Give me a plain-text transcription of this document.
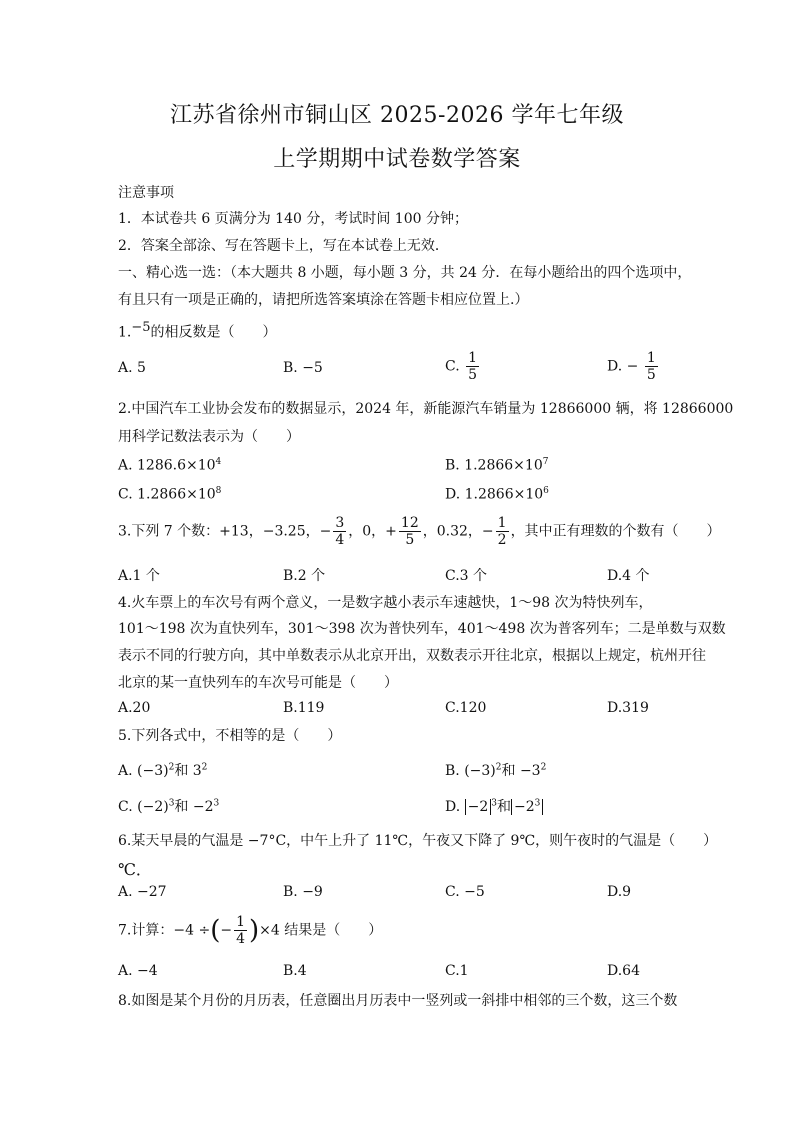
江苏省徐州市铜山区 2025-2026 学年七年级
上学期期中试卷数学答案
注意事项
1．本试卷共 6 页满分为 140 分，考试时间 100 分钟；
2．答案全部涂、写在答题卡上，写在本试卷上无效．
一、精心选一选：（本大题共 8 小题，每小题 3 分，共 24 分．在每小题给出的四个选项中，
有且只有一项是正确的，请把所选答案填涂在答题卡相应位置上.）
1.$^{-5}$的相反数是（　　）
A. 5	B. −5	C. $\frac{1}{5}$	D. − $\frac{1}{5}$
2.中国汽车工业协会发布的数据显示，2024 年，新能源汽车销量为 12866000 辆，将 12866000
用科学记数法表示为（　　）
A. $1286.6\times 10^4$	B. $1.2866\times 10^7$
C. $1.2866\times 10^8$	D. $1.2866\times 10^6$
3.下列 7 个数：+13，−3.25，− $\frac{3}{4}$ ，0，+ $\frac{12}{5}$ ，0.32，− $\frac{1}{2}$ ，其中正有理数的个数有（　　）
A.1 个	B.2 个	C.3 个	D.4 个
4.火车票上的车次号有两个意义，一是数字越小表示车速越快，1～98 次为特快列车，
101～198 次为直快列车，301～398 次为普快列车，401～498 次为普客列车；二是单数与双数
表示不同的行驶方向，其中单数表示从北京开出，双数表示开往北京，根据以上规定，杭州开往
北京的某一直快列车的车次号可能是（　　）
A.20	B.119	C.120	D.319
5.下列各式中，不相等的是（　　）
A. $(-3)^2$和 $3^2$	B. $(-3)^2$和 $-3^2$
C. $(-2)^3$和 $-2^3$	D. −2 $^3$和 $-2^3$
6.某天早晨的气温是 −7°C，中午上升了 11℃，午夜又下降了 9℃，则午夜时的气温是（　　）
℃．
A. −27	B. −9	C. −5	D.9
7.计算：−4 ÷(− $\frac{1}{4} )\times 4$ 结果是（　　）
A. −4	B.4	C.1	D.64
8.如图是某个月份的月历表，任意圈出月历表中一竖列或一斜排中相邻的三个数，这三个数
